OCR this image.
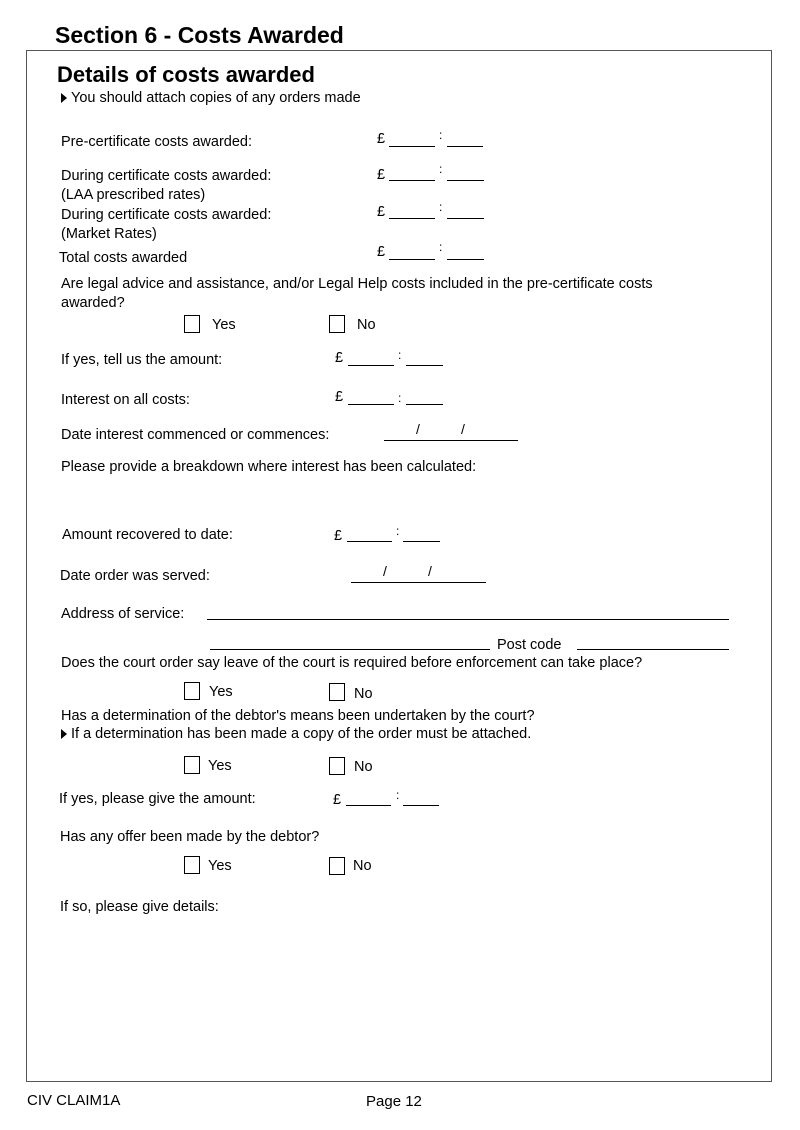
Section 6 - Costs Awarded
Details of costs awarded
You should attach copies of any orders made
Pre-certificate costs awarded:	£	:
During certificate costs awarded:
(LAA prescribed rates)
£	:
During certificate costs awarded:
(Market Rates)
£	:
Total costs awarded	£	:
Are legal advice and assistance, and/or Legal Help costs included in the pre-certificate costs
awarded?
Yes	No
If yes, tell us the amount:	£	:
Interest on all costs:	£	:
Date interest commenced or commences:	/	/
Please provide a breakdown where interest has been calculated:
Amount recovered to date:	£	:
Date order was served:	/	/
Address of service:
Post code
Does the court order say leave of the court is required before enforcement can take place?
Yes	No
Has a determination of the debtor's means been undertaken by the court?
If a determination has been made a copy of the order must be attached.
Yes	No
If yes, please give the amount:	£	:
Has any offer been made by the debtor?
Yes	No
If so, please give details:
CIV CLAIM1A	Page 12
